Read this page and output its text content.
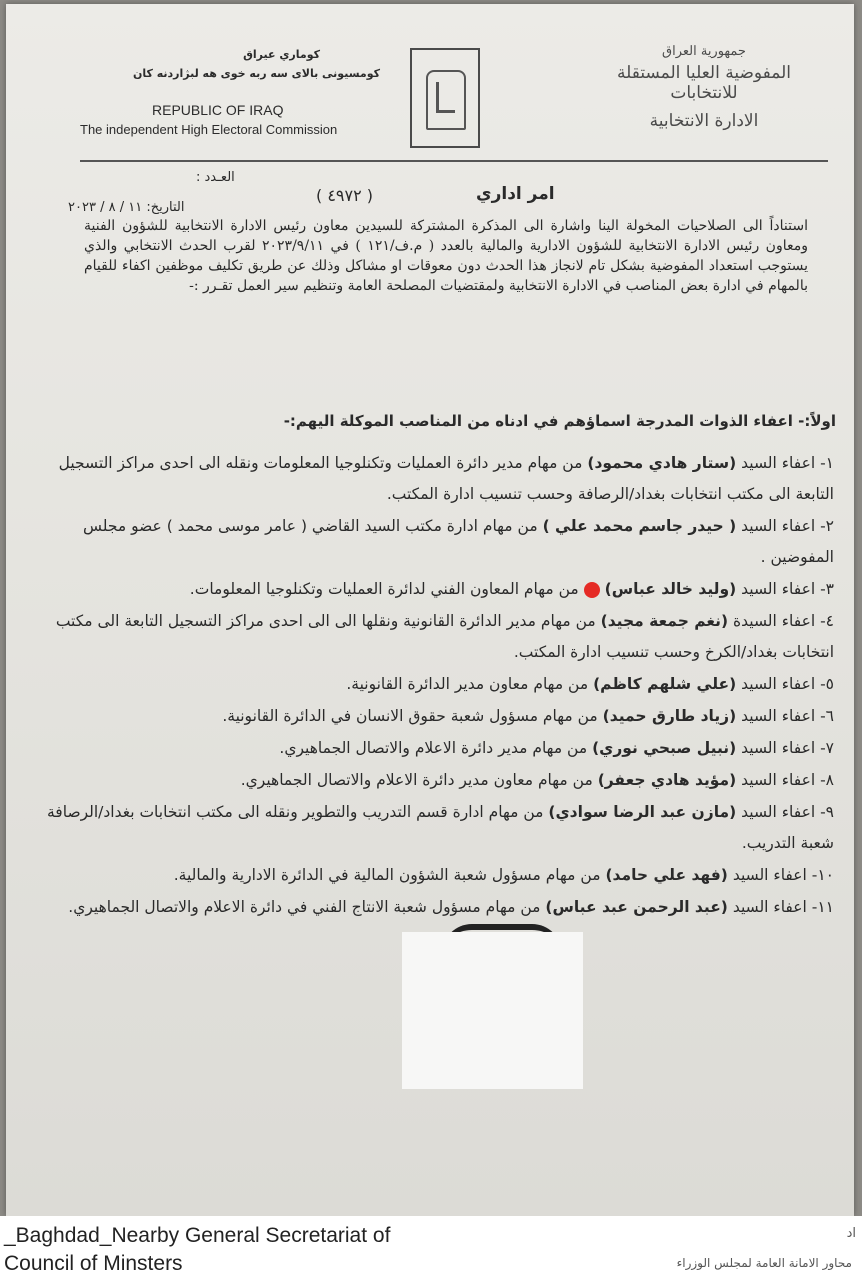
جمهورية العراق
المفوضية العليا المستقلة للانتخابات
الادارة الانتخابية
كوماري عيراق
كومسيونى بالاى سه ربه خوى هه لبژاردنه كان
REPUBLIC OF IRAQ
The independent High Electoral Commission
العـدد :
امر اداري
( ٤٩٧٢ )
التاريخ: ١١ / ٨ / ٢٠٢٣
استناداً الى الصلاحيات المخولة الينا واشارة الى المذكرة المشتركة للسيدين معاون رئيس الادارة الانتخابية للشؤون الفنية ومعاون رئيس الادارة الانتخابية للشؤون الادارية والمالية بالعدد ( م.ف/١٢١ ) في ٢٠٢٣/٩/١١ لقرب الحدث الانتخابي والذي يستوجب استعداد المفوضية بشكل تام لانجاز هذا الحدث دون معوقات او مشاكل وذلك عن طريق تكليف موظفين اكفاء للقيام بالمهام في ادارة بعض المناصب في الادارة الانتخابية ولمقتضيات المصلحة العامة وتنظيم سير العمل تقـرر :-
اولاً:- اعفاء الذوات المدرجة اسماؤهم في ادناه من المناصب الموكلة اليهم:-

١- اعفاء السيد (ستار هادي محمود) من مهام مدير دائرة العمليات وتكنلوجيا المعلومات ونقله الى احدى مراكز التسجيل التابعة الى مكتب انتخابات بغداد/الرصافة وحسب تنسيب ادارة المكتب.

٢- اعفاء السيد ( حيدر جاسم محمد علي ) من مهام ادارة مكتب السيد القاضي ( عامر موسى محمد ) عضو مجلس المفوضين .

٣- اعفاء السيد (وليد خالد عباس)  من مهام المعاون الفني لدائرة العمليات وتكنلوجيا المعلومات.

٤- اعفاء السيدة (نغم جمعة مجيد) من مهام مدير الدائرة القانونية ونقلها الى الى احدى مراكز التسجيل التابعة الى مكتب انتخابات بغداد/الكرخ وحسب تنسيب ادارة المكتب.

٥- اعفاء السيد (علي شلهم كاظم) من مهام معاون مدير الدائرة القانونية.

٦- اعفاء السيد (زياد طارق حميد) من مهام مسؤول شعبة حقوق الانسان في الدائرة القانونية.

٧- اعفاء السيد (نبيل صبحي نوري) من مهام مدير دائرة الاعلام والاتصال الجماهيري.

٨- اعفاء السيد (مؤيد هادي جعفر) من مهام معاون مدير دائرة الاعلام والاتصال الجماهيري.

٩- اعفاء السيد (مازن عبد الرضا سوادي) من مهام ادارة قسم التدريب والتطوير ونقله الى مكتب انتخابات بغداد/الرصافة شعبة التدريب.

١٠- اعفاء السيد (فهد علي حامد) من مهام مسؤول شعبة الشؤون المالية في الدائرة الادارية والمالية.

١١- اعفاء السيد (عبد الرحمن عبد عباس) من مهام مسؤول شعبة الانتاج الفني في دائرة الاعلام والاتصال الجماهيري.

_Baghdad_Nearby General Secretariat of
Council of Minsters
اد
محاور الامانة العامة لمجلس الوزراء
